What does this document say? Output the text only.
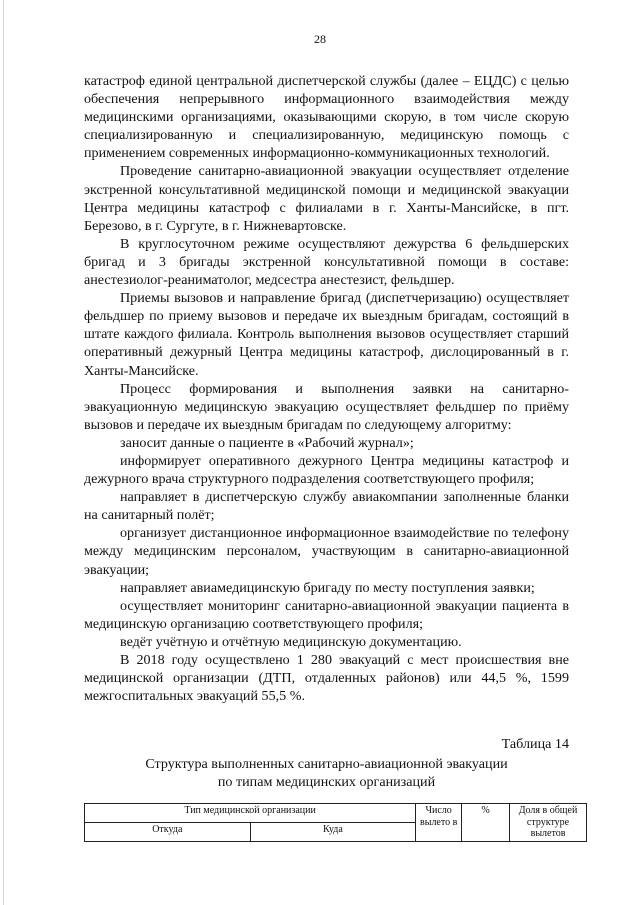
28

катастроф единой центральной диспетчерской службы (далее – ЕЦДС) с целью обеспечения непрерывного информационного взаимодействия между медицинскими организациями, оказывающими скорую, в том числе скорую специализированную и специализированную, медицинскую помощь с применением современных информационно-коммуникационных технологий.

Проведение санитарно-авиационной эвакуации осуществляет отделение экстренной консультативной медицинской помощи и медицинской эвакуации Центра медицины катастроф с филиалами в г. Ханты-Мансийске, в пгт. Березово, в г. Сургуте, в г. Нижневартовске.

В круглосуточном режиме осуществляют дежурства 6 фельдшерских бригад и 3 бригады экстренной консультативной помощи в составе: анестезиолог-реаниматолог, медсестра анестезист, фельдшер.

Приемы вызовов и направление бригад (диспетчеризацию) осуществляет фельдшер по приему вызовов и передаче их выездным бригадам, состоящий в штате каждого филиала. Контроль выполнения вызовов осуществляет старший оперативный дежурный Центра медицины катастроф, дислоцированный в г. Ханты-Мансийске.

Процесс формирования и выполнения заявки на санитарно-эвакуационную медицинскую эвакуацию осуществляет фельдшер по приёму вызовов и передаче их выездным бригадам по следующему алгоритму:

заносит данные о пациенте в «Рабочий журнал»;

информирует оперативного дежурного Центра медицины катастроф и дежурного врача структурного подразделения соответствующего профиля;

направляет в диспетчерскую службу авиакомпании заполненные бланки на санитарный полёт;

организует дистанционное информационное взаимодействие по телефону между медицинским персоналом, участвующим в санитарно-авиационной эвакуации;

направляет авиамедицинскую бригаду по месту поступления заявки;

осуществляет мониторинг санитарно-авиационной эвакуации пациента в медицинскую организацию соответствующего профиля;

ведёт учётную и отчётную медицинскую документацию.

В 2018 году осуществлено 1 280 эвакуаций с мест происшествия вне медицинской организации (ДТП, отдаленных районов) или 44,5 %, 1599 межгоспитальных эвакуаций 55,5 %.

Таблица 14
Структура выполненных санитарно-авиационной эвакуации
по типам медицинских организаций
Тип медицинской организации		Число вылето в	%	Доля в общей структуре вылетов
Откуда	Куда			
